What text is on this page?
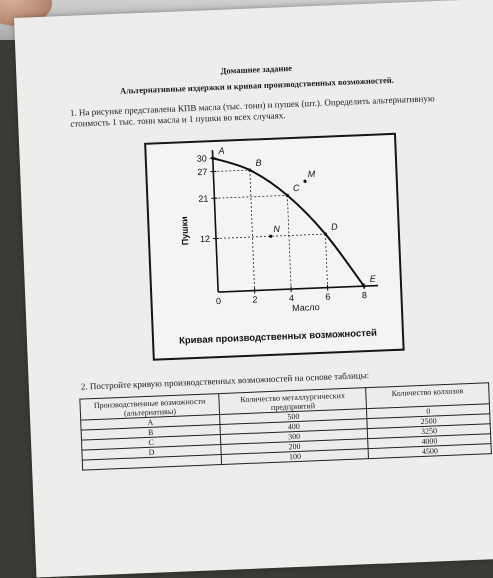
Домашнее задание
Альтернативные издержки и кривая производственных возможностей.
1. На рисунке представлена КПВ масла (тыс. тонн) и пушек (шт.). Определить альтернативную стоимость 1 тыс. тонн масла и 1 пушки во всех случаях.
A
B
C
D
E
M
N
30
27
21
12
0	2	4	6	8
Масло
Пушки
Кривая производственных возможностей
2. Постройте кривую производственных возможностей на основе таблицы:
Производственные возможности (альтернативы)	Количество металлургических предприятий	Количество колхозов
A	500	0
B	400	2500
C	300	3250
D	200	4000
	100	4500
